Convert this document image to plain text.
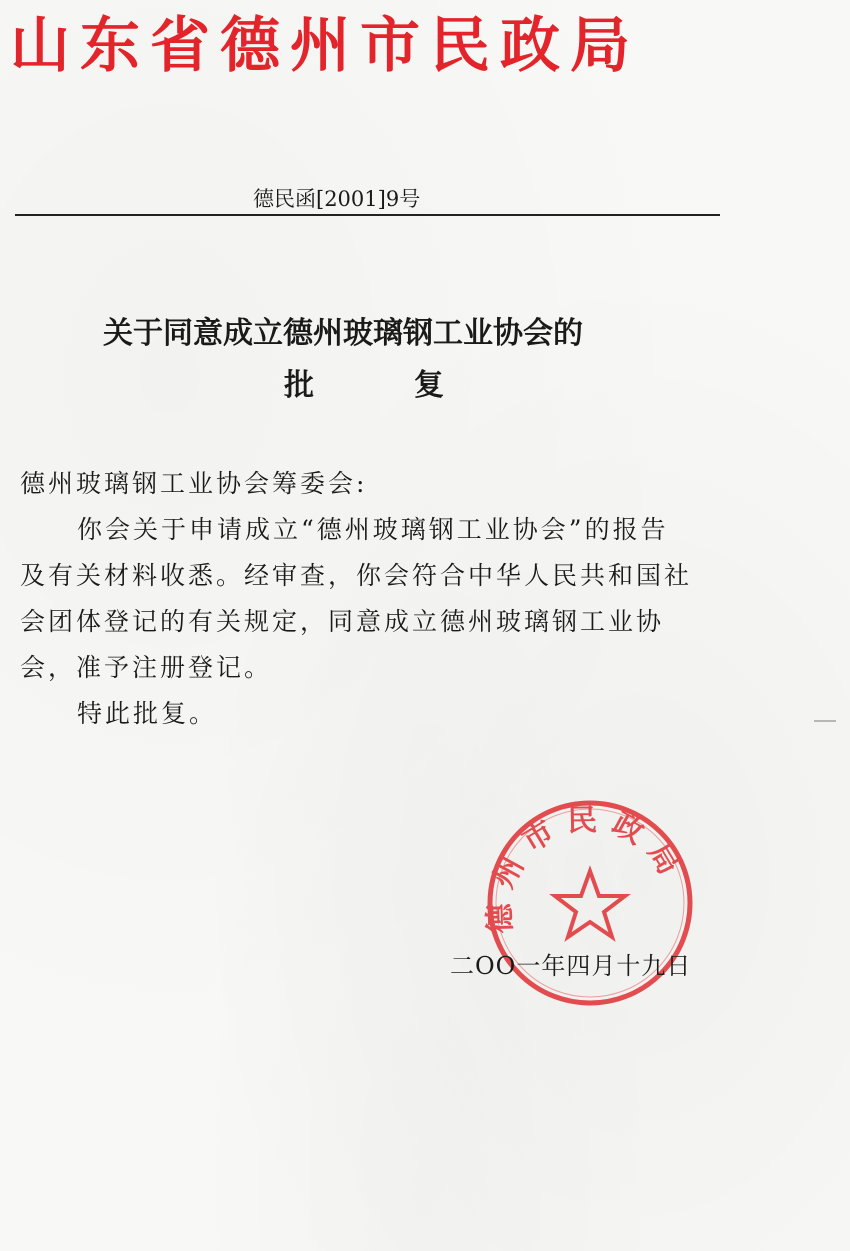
山东省德州市民政局
德民函[2001]9号
关于同意成立德州玻璃钢工业协会的
批	复
德州玻璃钢工业协会筹委会:
你会关于申请成立“德州玻璃钢工业协会”的报告
及有关材料收悉。经审查，你会符合中华人民共和国社
会团体登记的有关规定，同意成立德州玻璃钢工业协
会，准予注册登记。
特此批复。
德州市民政局
二OO一年四月十九日
